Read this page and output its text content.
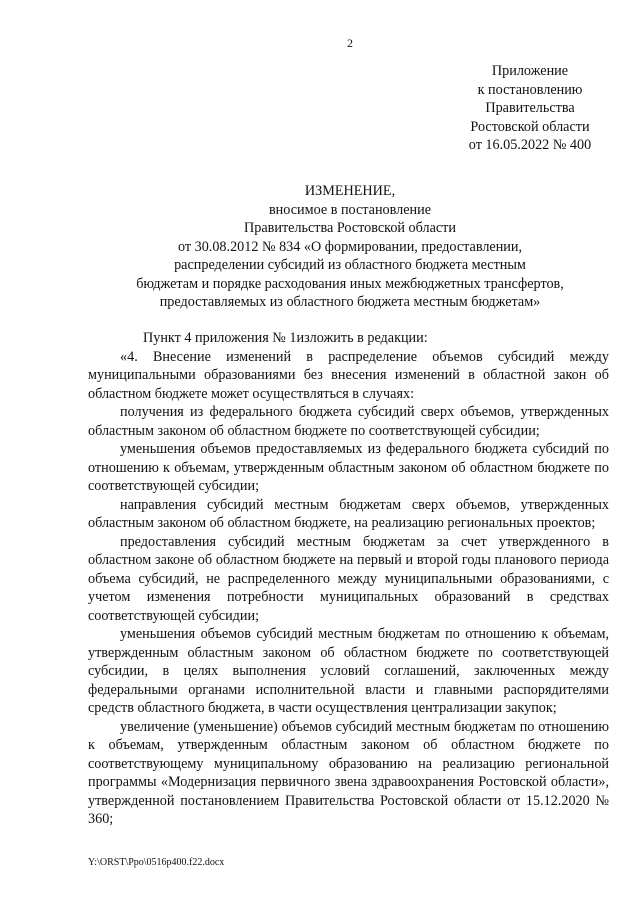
2
Приложение
к постановлению
Правительства
Ростовской области
от 16.05.2022 № 400
ИЗМЕНЕНИЕ,
вносимое в постановление
Правительства Ростовской области
от 30.08.2012 № 834 «О формировании, предоставлении,
распределении субсидий из областного бюджета местным
бюджетам и порядке расходования иных межбюджетных трансфертов,
предоставляемых из областного бюджета местным бюджетам»
Пункт 4 приложения № 1изложить в редакции:
«4. Внесение изменений в распределение объемов субсидий между муниципальными образованиями без внесения изменений в областной закон об областном бюджете может осуществляться в случаях:
получения из федерального бюджета субсидий сверх объемов, утвержденных областным законом об областном бюджете по соответствующей субсидии;
уменьшения объемов предоставляемых из федерального бюджета субсидий по отношению к объемам, утвержденным областным законом об областном бюджете по соответствующей субсидии;
направления субсидий местным бюджетам сверх объемов, утвержденных областным законом об областном бюджете, на реализацию региональных проектов;
предоставления субсидий местным бюджетам за счет утвержденного в областном законе об областном бюджете на первый и второй годы планового периода объема субсидий, не распределенного между муниципальными образованиями, с учетом изменения потребности муниципальных образований в средствах соответствующей субсидии;
уменьшения объемов субсидий местным бюджетам по отношению к объемам, утвержденным областным законом об областном бюджете по соответствующей субсидии, в целях выполнения условий соглашений, заключенных между федеральными органами исполнительной власти и главными распорядителями средств областного бюджета, в части осуществления централизации закупок;
увеличение (уменьшение) объемов субсидий местным бюджетам по отношению к объемам, утвержденным областным законом об областном бюджете по соответствующему муниципальному образованию на реализацию региональной программы «Модернизация первичного звена здравоохранения Ростовской области», утвержденной постановлением Правительства Ростовской области от 15.12.2020 № 360;
Y:\ORST\Ppo\0516p400.f22.docx
